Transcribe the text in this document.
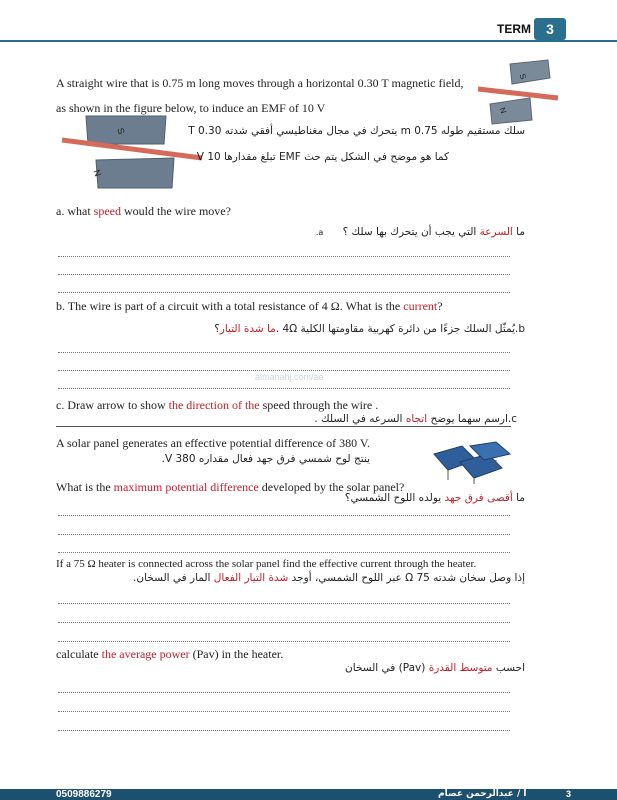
TERM	3
A straight wire that is 0.75 m long moves through a horizontal 0.30 T magnetic field,
as shown in the figure below, to induce an EMF of 10 V
S
N
S
N
سلك مستقيم طوله 0.75 m يتحرك في مجال مغناطيسي أفقي شدته 0.30 T
كما هو موضح في الشكل يتم حث EMF تبلغ مقدارها 10 V
a. what speed would the wire move?
ما السرعة التي يجب أن يتحرك بها سلك ؟ a.
b. The wire is part of a circuit with a total resistance of 4 Ω. What is the current?
b.يُمثّل السلك جزءًا من دائرة كهربية مقاومتها الكلية 4Ω .ما شدة التيار؟
almanahj.com/ae
c. Draw arrow to show the direction of the speed through the wire .
c.ارسم سهما يوضح اتجاه السرعه في السلك .
A solar panel generates an effective potential difference of 380 V.
ينتج لوح شمسي فرق جهد فعال مقداره 380 V.
What is the maximum potential difference developed by the solar panel?
ما أقصى فرق جهد يولده اللوح الشمسي؟
If a 75 Ω heater is connected across the solar panel find the effective current through the heater.
إذا وصل سخان شدته 75 Ω عبر اللوح الشمسي، أوجد شدة التيار الفعال المار في السخان.
calculate the average power (Pav) in the heater.
احسب متوسط القدرة (Pav) في السخان
0509886279	أ / عبدالرحمن عصام	3
